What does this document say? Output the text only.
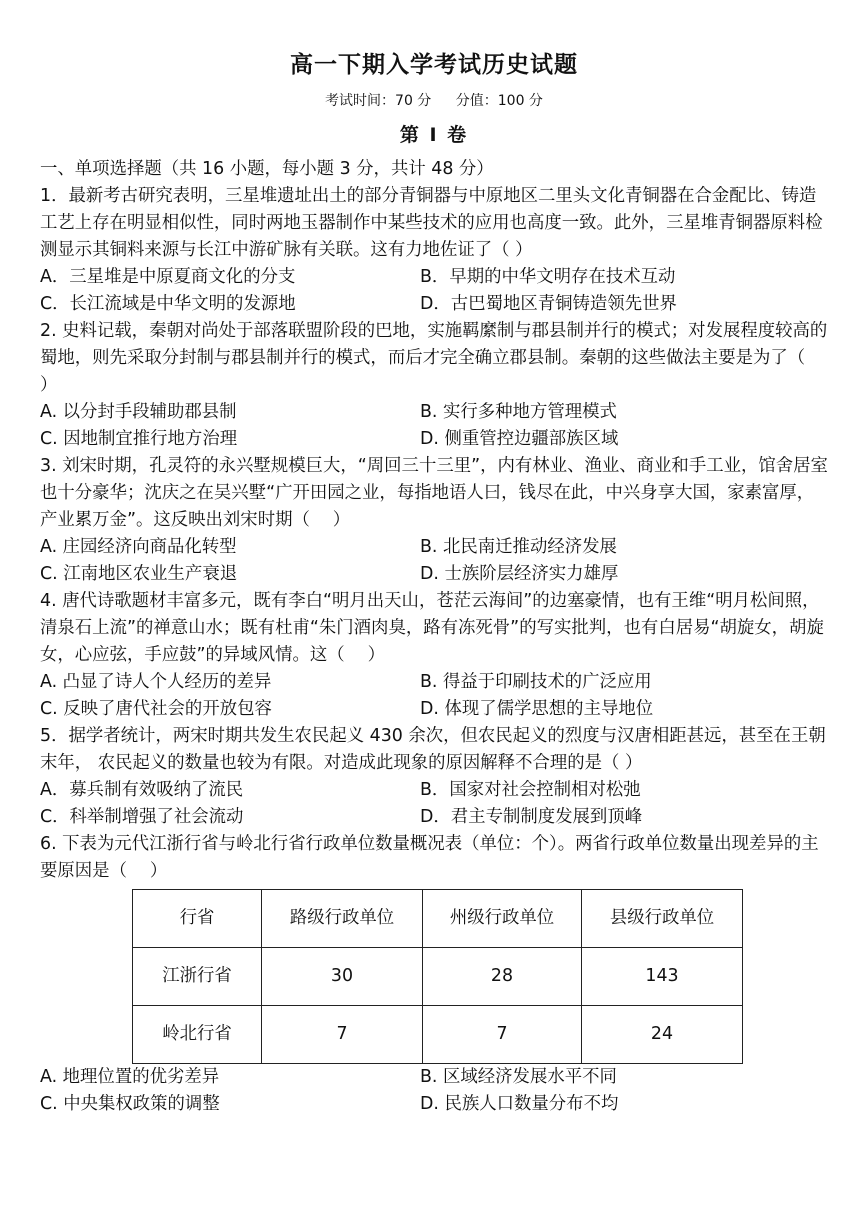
高一下期入学考试历史试题
考试时间：70 分 分值：100 分
第 Ⅰ 卷

一、单项选择题（共 16 小题，每小题 3 分，共计 48 分）

1．最新考古研究表明，三星堆遗址出土的部分青铜器与中原地区二里头文化青铜器在合金配比、铸造工艺上存在明显相似性，同时两地玉器制作中某些技术的应用也高度一致。此外，三星堆青铜器原料检测显示其铜料来源与长江中游矿脉有关联。这有力地佐证了（ ）

A．三星堆是中原夏商文化的分支	B．早期的中华文明存在技术互动
C．长江流域是中华文明的发源地	D．古巴蜀地区青铜铸造领先世界

2. 史料记载，秦朝对尚处于部落联盟阶段的巴地，实施羁縻制与郡县制并行的模式；对发展程度较高的蜀地，则先采取分封制与郡县制并行的模式，而后才完全确立郡县制。秦朝的这些做法主要是为了（　 ）

A. 以分封手段辅助郡县制	B. 实行多种地方管理模式
C. 因地制宜推行地方治理	D. 侧重管控边疆部族区域

3. 刘宋时期，孔灵符的永兴墅规模巨大，“周回三十三里”，内有林业、渔业、商业和手工业，馆舍居室也十分豪华；沈庆之在吴兴墅“广开田园之业，每指地语人曰，钱尽在此，中兴身享大国，家素富厚，产业累万金”。这反映出刘宋时期（　 ）

A. 庄园经济向商品化转型	B. 北民南迁推动经济发展
C. 江南地区农业生产衰退	D. 士族阶层经济实力雄厚

4. 唐代诗歌题材丰富多元，既有李白“明月出天山，苍茫云海间”的边塞豪情，也有王维“明月松间照，清泉石上流”的禅意山水；既有杜甫“朱门酒肉臭，路有冻死骨”的写实批判，也有白居易“胡旋女，胡旋女，心应弦，手应鼓”的异域风情。这（　 ）

A. 凸显了诗人个人经历的差异	B. 得益于印刷技术的广泛应用
C. 反映了唐代社会的开放包容	D. 体现了儒学思想的主导地位

5．据学者统计，两宋时期共发生农民起义 430 余次，但农民起义的烈度与汉唐相距甚远，甚至在王朝末年， 农民起义的数量也较为有限。对造成此现象的原因解释不合理的是（ ）

A．募兵制有效吸纳了流民	B．国家对社会控制相对松弛
C．科举制增强了社会流动	D．君主专制制度发展到顶峰

6. 下表为元代江浙行省与岭北行省行政单位数量概况表（单位：个）。两省行政单位数量出现差异的主要原因是（　 ）

行省	路级行政单位	州级行政单位	县级行政单位
江浙行省	30	28	143
岭北行省	7	7	24
A. 地理位置的优劣差异	B. 区域经济发展水平不同
C. 中央集权政策的调整	D. 民族人口数量分布不均
